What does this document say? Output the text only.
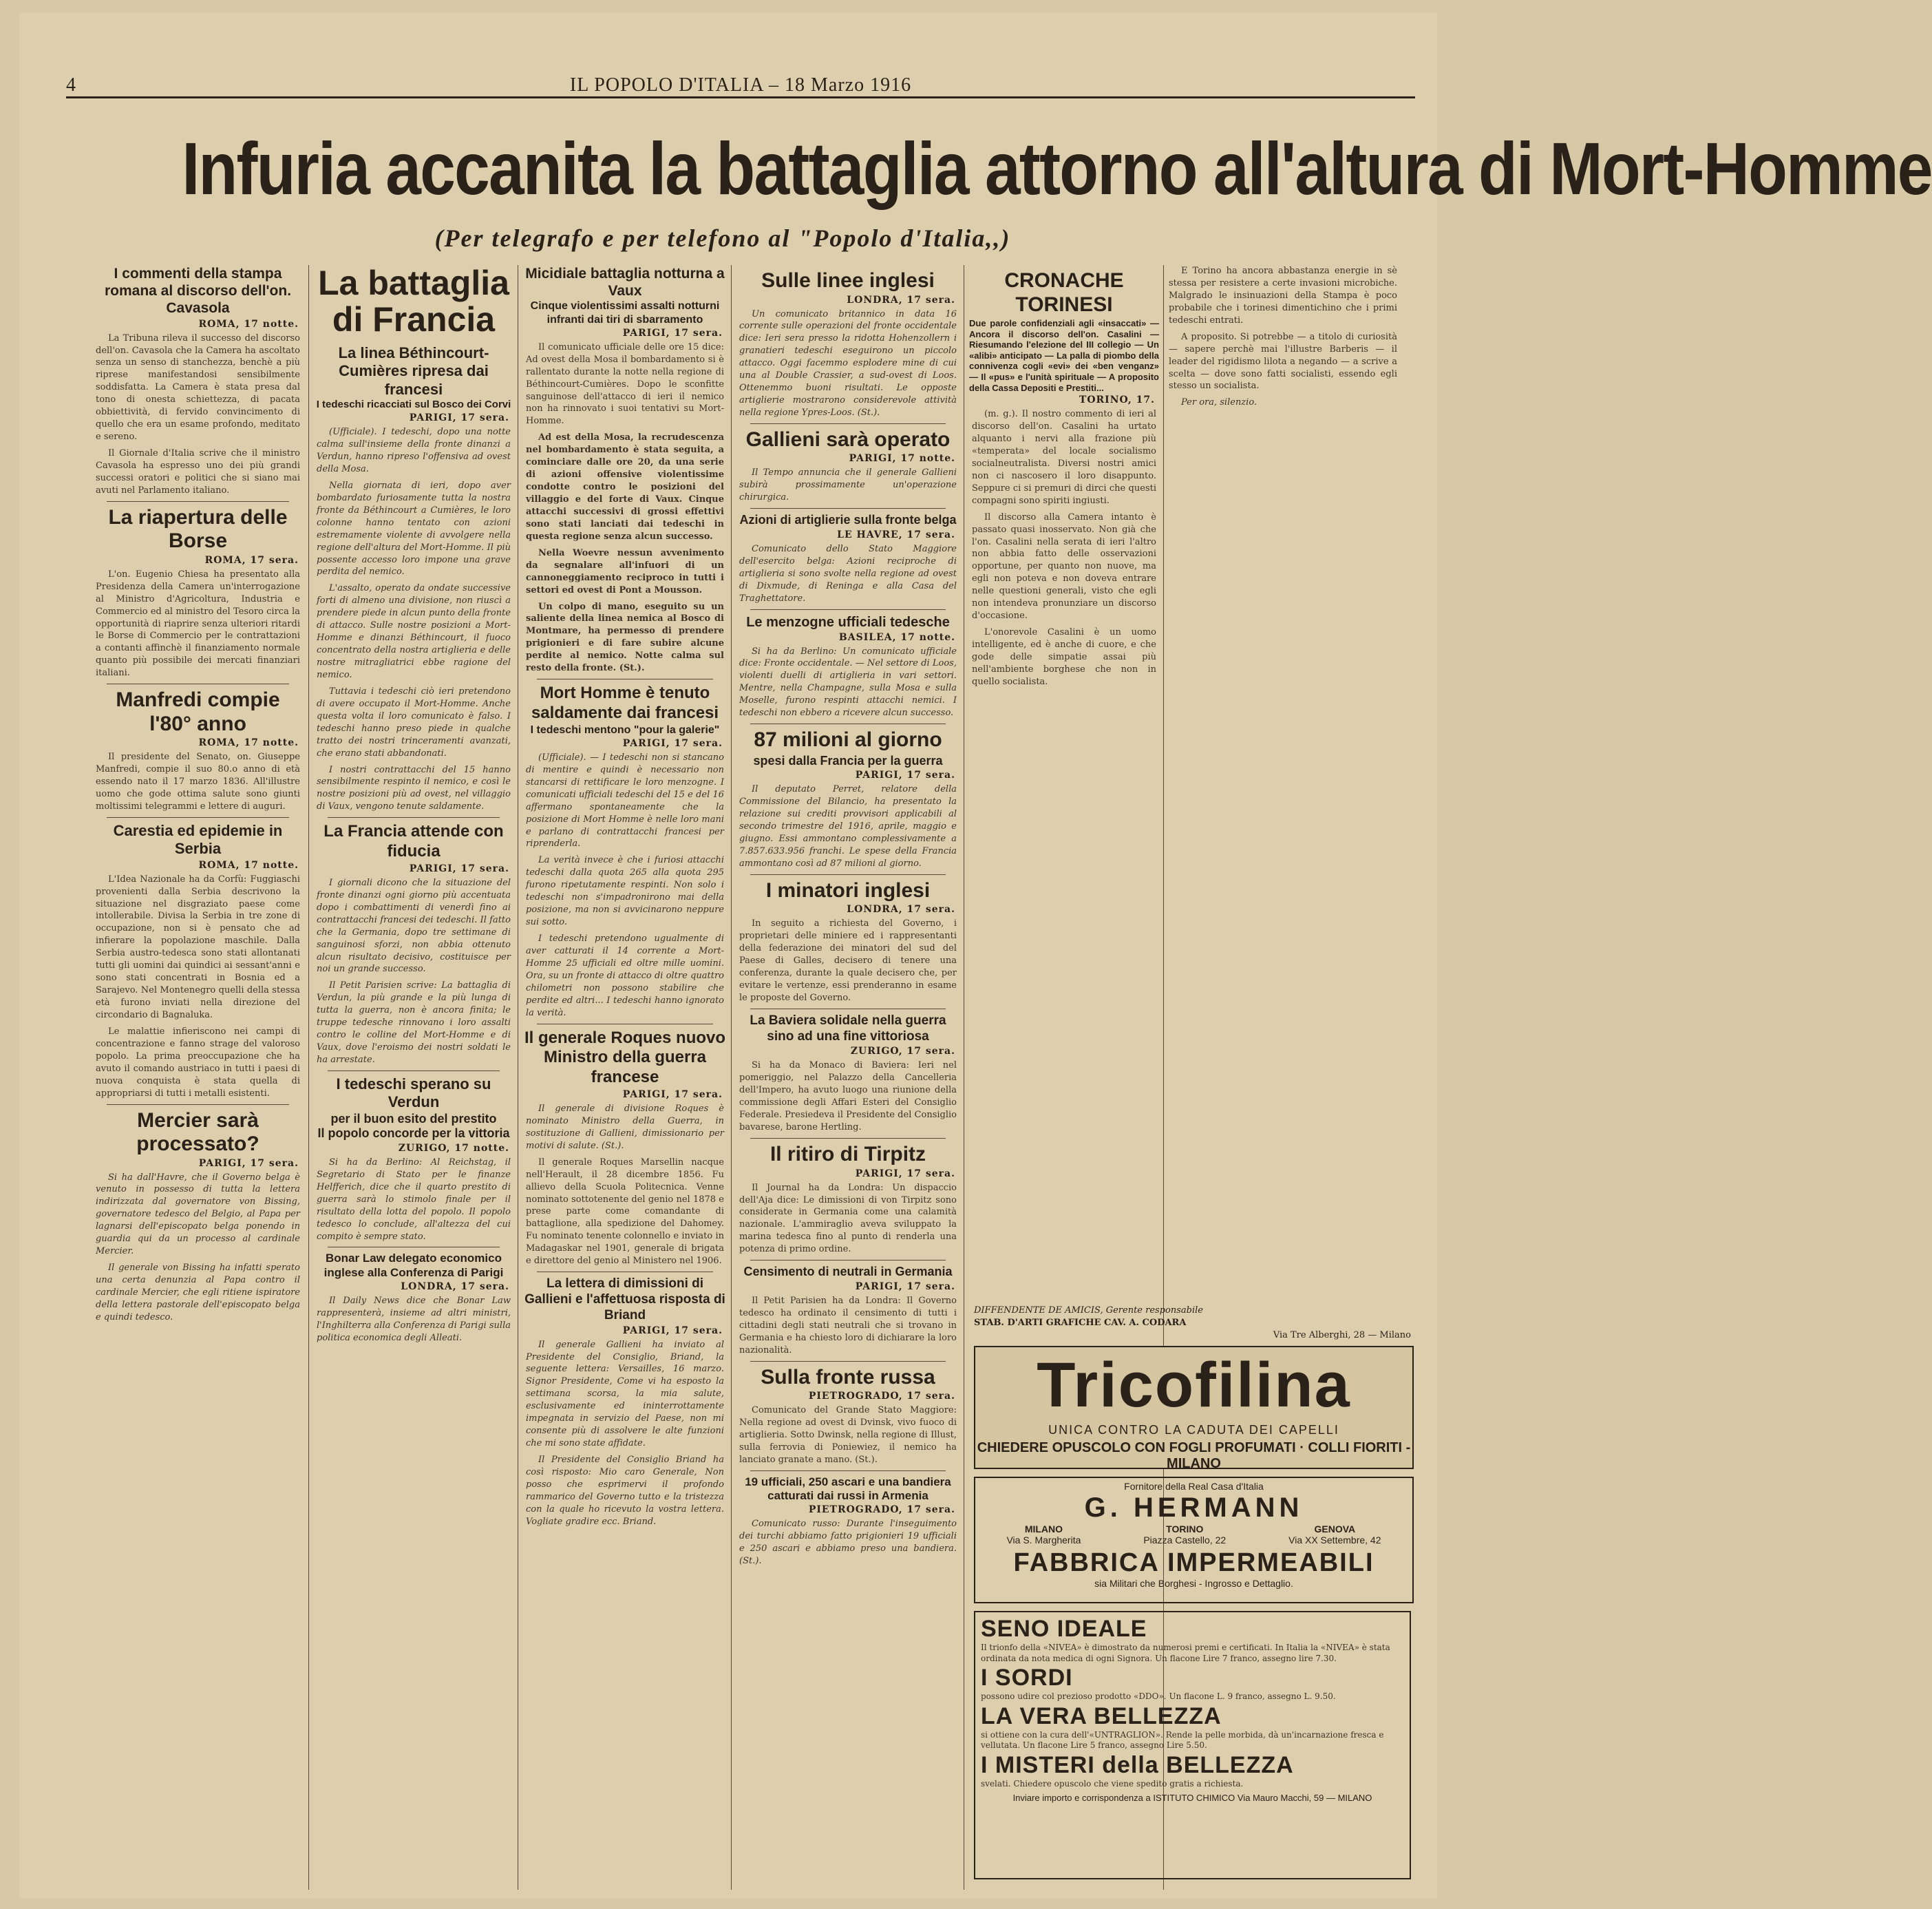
4	IL POPOLO D'ITALIA – 18 Marzo 1916
Infuria accanita la battaglia attorno all'altura di Mort-Homme
(Per telegrafo e per telefono al "Popolo d'Italia,,)
I commenti della stampa romana al discorso dell'on. Cavasola
ROMA, 17 notte.

La Tribuna rileva il successo del discorso dell'on. Cavasola che la Camera ha ascoltato senza un senso di stanchezza, benchè a più riprese manifestandosi sensibilmente soddisfatta. La Camera è stata presa dal tono di onesta schiettezza, di pacata obbiettività, di fervido convincimento di quello che era un esame profondo, meditato e sereno.

Il Giornale d'Italia scrive che il ministro Cavasola ha espresso uno dei più grandi successi oratori e politici che si siano mai avuti nel Parlamento italiano.

La riapertura delle Borse
ROMA, 17 sera.

L'on. Eugenio Chiesa ha presentato alla Presidenza della Camera un'interrogazione al Ministro d'Agricoltura, Industria e Commercio ed al ministro del Tesoro circa la opportunità di riaprire senza ulteriori ritardi le Borse di Commercio per le contrattazioni a contanti affinchè il finanziamento normale quanto più possibile dei mercati finanziari italiani.

Manfredi compie l'80° anno
ROMA, 17 notte.

Il presidente del Senato, on. Giuseppe Manfredi, compie il suo 80.o anno di età essendo nato il 17 marzo 1836. All'illustre uomo che gode ottima salute sono giunti moltissimi telegrammi e lettere di auguri.

Carestia ed epidemie in Serbia
ROMA, 17 notte.

L'Idea Nazionale ha da Corfù: Fuggiaschi provenienti dalla Serbia descrivono la situazione nel disgraziato paese come intollerabile. Divisa la Serbia in tre zone di occupazione, non si è pensato che ad infierare la popolazione maschile. Dalla Serbia austro-tedesca sono stati allontanati tutti gli uomini dai quindici ai sessant'anni e sono stati concentrati in Bosnia ed a Sarajevo. Nel Montenegro quelli della stessa età furono inviati nella direzione del circondario di Bagnaluka.

Le malattie infieriscono nei campi di concentrazione e fanno strage del valoroso popolo. La prima preoccupazione che ha avuto il comando austriaco in tutti i paesi di nuova conquista è stata quella di appropriarsi di tutti i metalli esistenti.

Mercier sarà processato?
PARIGI, 17 sera.

Si ha dall'Havre, che il Governo belga è venuto in possesso di tutta la lettera indirizzata dal governatore von Bissing, governatore tedesco del Belgio, al Papa per lagnarsi dell'episcopato belga ponendo in guardia qui da un processo al cardinale Mercier.

Il generale von Bissing ha infatti sperato una certa denunzia al Papa contro il cardinale Mercier, che egli ritiene ispiratore della lettera pastorale dell'episcopato belga e quindi tedesco.

La battaglia di Francia
La linea Béthincourt-Cumières ripresa dai francesi
I tedeschi ricacciati sul Bosco dei Corvi
PARIGI, 17 sera.

(Ufficiale). I tedeschi, dopo una notte calma sull'insieme della fronte dinanzi a Verdun, hanno ripreso l'offensiva ad ovest della Mosa.

Nella giornata di ieri, dopo aver bombardato furiosamente tutta la nostra fronte da Béthincourt a Cumières, le loro colonne hanno tentato con azioni estremamente violente di avvolgere nella regione dell'altura del Mort-Homme. Il più possente accesso loro impone una grave perdita del nemico.

L'assalto, operato da ondate successive forti di almeno una divisione, non riuscì a prendere piede in alcun punto della fronte di attacco. Sulle nostre posizioni a Mort-Homme e dinanzi Béthincourt, il fuoco concentrato della nostra artiglieria e delle nostre mitragliatrici ebbe ragione del nemico.

Tuttavia i tedeschi ciò ieri pretendono di avere occupato il Mort-Homme. Anche questa volta il loro comunicato è falso. I tedeschi hanno preso piede in qualche tratto dei nostri trinceramenti avanzati, che erano stati abbandonati.

I nostri contrattacchi del 15 hanno sensibilmente respinto il nemico, e così le nostre posizioni più ad ovest, nel villaggio di Vaux, vengono tenute saldamente.

La Francia attende con fiducia
PARIGI, 17 sera.

I giornali dicono che la situazione del fronte dinanzi ogni giorno più accentuata dopo i combattimenti di venerdì fino ai contrattacchi francesi dei tedeschi. Il fatto che la Germania, dopo tre settimane di sanguinosi sforzi, non abbia ottenuto alcun risultato decisivo, costituisce per noi un grande successo.

Il Petit Parisien scrive: La battaglia di Verdun, la più grande e la più lunga di tutta la guerra, non è ancora finita; le truppe tedesche rinnovano i loro assalti contro le colline del Mort-Homme e di Vaux, dove l'eroismo dei nostri soldati le ha arrestate.

I tedeschi sperano su Verdun
per il buon esito del prestito
Il popolo concorde per la vittoria
ZURIGO, 17 notte.

Si ha da Berlino: Al Reichstag, il Segretario di Stato per le finanze Helfferich, dice che il quarto prestito di guerra sarà lo stimolo finale per il risultato della lotta del popolo. Il popolo tedesco lo conclude, all'altezza del cui compito è sempre stato.

Bonar Law delegato economico inglese alla Conferenza di Parigi
LONDRA, 17 sera.

Il Daily News dice che Bonar Law rappresenterà, insieme ad altri ministri, l'Inghilterra alla Conferenza di Parigi sulla politica economica degli Alleati.

Micidiale battaglia notturna a Vaux
Cinque violentissimi assalti notturni infranti dai tiri di sbarramento
PARIGI, 17 sera.

Il comunicato ufficiale delle ore 15 dice: Ad ovest della Mosa il bombardamento si è rallentato durante la notte nella regione di Béthincourt-Cumières. Dopo le sconfitte sanguinose dell'attacco di ieri il nemico non ha rinnovato i suoi tentativi su Mort-Homme.

Ad est della Mosa, la recrudescenza nel bombardamento è stata seguita, a cominciare dalle ore 20, da una serie di azioni offensive violentissime condotte contro le posizioni del villaggio e del forte di Vaux. Cinque attacchi successivi di grossi effettivi sono stati lanciati dai tedeschi in questa regione senza alcun successo.

Nella Woevre nessun avvenimento da segnalare all'infuori di un cannoneggiamento reciproco in tutti i settori ed ovest di Pont a Mousson.

Un colpo di mano, eseguito su un saliente della linea nemica al Bosco di Montmare, ha permesso di prendere prigionieri e di fare subire alcune perdite al nemico. Notte calma sul resto della fronte. (St.).

Mort Homme è tenuto saldamente dai francesi
I tedeschi mentono "pour la galerie"
PARIGI, 17 sera.

(Ufficiale). — I tedeschi non si stancano di mentire e quindi è necessario non stancarsi di rettificare le loro menzogne. I comunicati ufficiali tedeschi del 15 e del 16 affermano spontaneamente che la posizione di Mort Homme è nelle loro mani e parlano di contrattacchi francesi per riprenderla.

La verità invece è che i furiosi attacchi tedeschi dalla quota 265 alla quota 295 furono ripetutamente respinti. Non solo i tedeschi non s'impadronirono mai della posizione, ma non si avvicinarono neppure sui sotto.

I tedeschi pretendono ugualmente di aver catturati il 14 corrente a Mort-Homme 25 ufficiali ed oltre mille uomini. Ora, su un fronte di attacco di oltre quattro chilometri non possono stabilire che perdite ed altri... I tedeschi hanno ignorato la verità.

Il generale Roques nuovo Ministro della guerra francese
PARIGI, 17 sera.

Il generale di divisione Roques è nominato Ministro della Guerra, in sostituzione di Gallieni, dimissionario per motivi di salute. (St.).

Il generale Roques Marsellin nacque nell'Herault, il 28 dicembre 1856. Fu allievo della Scuola Politecnica. Venne nominato sottotenente del genio nel 1878 e prese parte come comandante di battaglione, alla spedizione del Dahomey. Fu nominato tenente colonnello e inviato in Madagaskar nel 1901, generale di brigata e direttore del genio al Ministero nel 1906.

La lettera di dimissioni di Gallieni e l'affettuosa risposta di Briand
PARIGI, 17 sera.

Il generale Gallieni ha inviato al Presidente del Consiglio, Briand, la seguente lettera: Versailles, 16 marzo. Signor Presidente, Come vi ha esposto la settimana scorsa, la mia salute, esclusivamente ed ininterrottamente impegnata in servizio del Paese, non mi consente più di assolvere le alte funzioni che mi sono state affidate.

Il Presidente del Consiglio Briand ha così risposto: Mio caro Generale, Non posso che esprimervi il profondo rammarico del Governo tutto e la tristezza con la quale ho ricevuto la vostra lettera. Vogliate gradire ecc. Briand.

Sulle linee inglesi
LONDRA, 17 sera.

Un comunicato britannico in data 16 corrente sulle operazioni del fronte occidentale dice: Ieri sera presso la ridotta Hohenzollern i granatieri tedeschi eseguirono un piccolo attacco. Oggi facemmo esplodere mine di cui una al Double Crassier, a sud-ovest di Loos. Ottenemmo buoni risultati. Le opposte artiglierie mostrarono considerevole attività nella regione Ypres-Loos. (St.).

Gallieni sarà operato
PARIGI, 17 notte.

Il Tempo annuncia che il generale Gallieni subirà prossimamente un'operazione chirurgica.

Azioni di artiglierie sulla fronte belga
LE HAVRE, 17 sera.

Comunicato dello Stato Maggiore dell'esercito belga: Azioni reciproche di artiglieria si sono svolte nella regione ad ovest di Dixmude, di Reninga e alla Casa del Traghettatore.

Le menzogne ufficiali tedesche
BASILEA, 17 notte.

Si ha da Berlino: Un comunicato ufficiale dice: Fronte occidentale. — Nel settore di Loos, violenti duelli di artiglieria in vari settori. Mentre, nella Champagne, sulla Mosa e sulla Moselle, furono respinti attacchi nemici. I tedeschi non ebbero a ricevere alcun successo.

87 milioni al giorno
spesi dalla Francia per la guerra
PARIGI, 17 sera.

Il deputato Perret, relatore della Commissione del Bilancio, ha presentato la relazione sui crediti provvisori applicabili al secondo trimestre del 1916, aprile, maggio e giugno. Essi ammontano complessivamente a 7.857.633.956 franchi. Le spese della Francia ammontano così ad 87 milioni al giorno.

I minatori inglesi
LONDRA, 17 sera.

In seguito a richiesta del Governo, i proprietari delle miniere ed i rappresentanti della federazione dei minatori del sud del Paese di Galles, decisero di tenere una conferenza, durante la quale decisero che, per evitare le vertenze, essi prenderanno in esame le proposte del Governo.

La Baviera solidale nella guerra sino ad una fine vittoriosa
ZURIGO, 17 sera.

Si ha da Monaco di Baviera: Ieri nel pomeriggio, nel Palazzo della Cancelleria dell'Impero, ha avuto luogo una riunione della commissione degli Affari Esteri del Consiglio Federale. Presiedeva il Presidente del Consiglio bavarese, barone Hertling.

Il ritiro di Tirpitz
PARIGI, 17 sera.

Il Journal ha da Londra: Un dispaccio dell'Aja dice: Le dimissioni di von Tirpitz sono considerate in Germania come una calamità nazionale. L'ammiraglio aveva sviluppato la marina tedesca fino al punto di renderla una potenza di primo ordine.

Censimento di neutrali in Germania
PARIGI, 17 sera.

Il Petit Parisien ha da Londra: Il Governo tedesco ha ordinato il censimento di tutti i cittadini degli stati neutrali che si trovano in Germania e ha chiesto loro di dichiarare la loro nazionalità.

Sulla fronte russa
PIETROGRADO, 17 sera.

Comunicato del Grande Stato Maggiore: Nella regione ad ovest di Dvinsk, vivo fuoco di artiglieria. Sotto Dwinsk, nella regione di Illust, sulla ferrovia di Poniewiez, il nemico ha lanciato granate a mano. (St.).

19 ufficiali, 250 ascari e una bandiera catturati dai russi in Armenia
PIETROGRADO, 17 sera.

Comunicato russo: Durante l'inseguimento dei turchi abbiamo fatto prigionieri 19 ufficiali e 250 ascari e abbiamo preso una bandiera. (St.).

CRONACHE TORINESI
Due parole confidenziali agli «insaccati» — Ancora il discorso dell'on. Casalini — Riesumando l'elezione del III collegio — Un «alibi» anticipato — La palla di piombo della connivenza cogli «evi» dei «ben venganz» — Il «pus» e l'unità spirituale — A proposito della Cassa Depositi e Prestiti...
TORINO, 17.

(m. g.). Il nostro commento di ieri al discorso dell'on. Casalini ha urtato alquanto i nervi alla frazione più «temperata» del locale socialismo socialneutralista. Diversi nostri amici non ci nascosero il loro disappunto. Seppure ci si premuri di dirci che questi compagni sono spiriti ingiusti.

Il discorso alla Camera intanto è passato quasi inosservato. Non già che l'on. Casalini nella serata di ieri l'altro non abbia fatto delle osservazioni opportune, per quanto non nuove, ma egli non poteva e non doveva entrare nelle questioni generali, visto che egli non intendeva pronunziare un discorso d'occasione.

L'onorevole Casalini è un uomo intelligente, ed è anche di cuore, e che gode delle simpatie assai più nell'ambiente borghese che non in quello socialista.

E Torino ha ancora abbastanza energie in sè stessa per resistere a certe invasioni microbiche. Malgrado le insinuazioni della Stampa è poco probabile che i torinesi dimentichino che i primi tedeschi entrati.

A proposito. Si potrebbe — a titolo di curiosità — sapere perchè mai l'illustre Barberis — il leader del rigidismo lilota a negando — a scrive a scelta — dove sono fatti socialisti, essendo egli stesso un socialista.

Per ora, silenzio.

DIFFENDENTE DE AMICIS, Gerente responsabile
STAB. D'ARTI GRAFICHE CAV. A. CODARA
Via Tre Alberghi, 28 — Milano
Tricofilina
UNICA CONTRO LA CADUTA DEI CAPELLI
CHIEDERE OPUSCOLO CON FOGLI PROFUMATI · COLLI FIORITI - MILANO
Fornitore della Real Casa d'Italia
G. HERMANN
MILANO
Via S. Margherita
TORINO
Piazza Castello, 22
GENOVA
Via XX Settembre, 42
FABBRICA IMPERMEABILI
sia Militari che Borghesi - Ingrosso e Dettaglio.
SENO IDEALE
Il trionfo della «NIVEA» è dimostrato da numerosi premi e certificati. In Italia la «NIVEA» è stata ordinata da nota medica di ogni Signora. Un flacone Lire 7 franco, assegno lire 7.30.
I SORDI
possono udire col prezioso prodotto «DDO». Un flacone L. 9 franco, assegno L. 9.50.
LA VERA BELLEZZA
si ottiene con la cura dell'«UNTRAGLION». Rende la pelle morbida, dà un'incarnazione fresca e vellutata. Un flacone Lire 5 franco, assegno Lire 5.50.
I MISTERI della BELLEZZA
svelati. Chiedere opuscolo che viene spedito gratis a richiesta.
Inviare importo e corrispondenza a ISTITUTO CHIMICO Via Mauro Macchi, 59 — MILANO
